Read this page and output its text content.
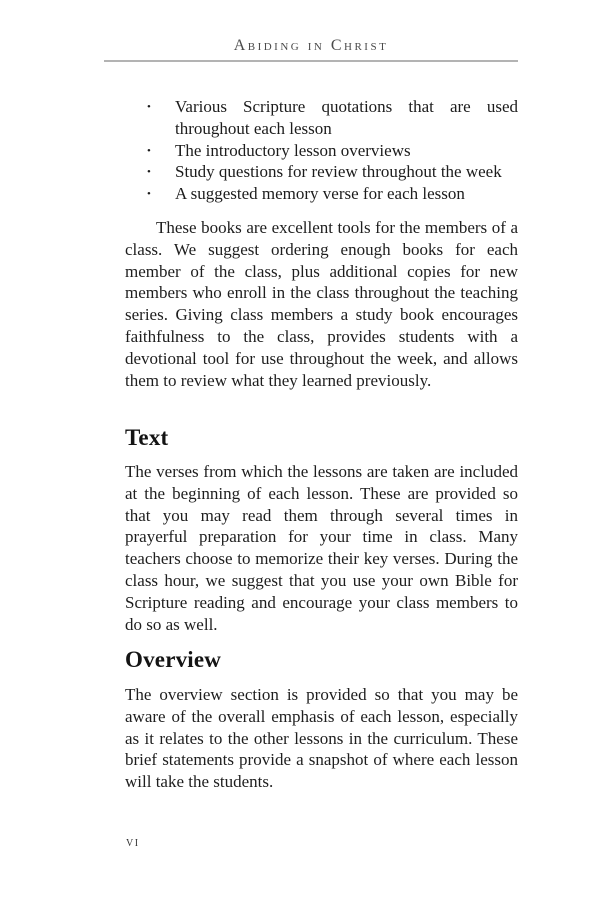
Abiding in Christ
• Various Scripture quotations that are used throughout each lesson
• The introductory lesson overviews
• Study questions for review throughout the week
• A suggested memory verse for each lesson

These books are excellent tools for the members of a class. We suggest ordering enough books for each member of the class, plus additional copies for new members who enroll in the class throughout the teaching series. Giving class members a study book encourages faithfulness to the class, provides students with a devotional tool for use throughout the week, and allows them to review what they learned previously.

Text

The verses from which the lessons are taken are included at the beginning of each lesson. These are provided so that you may read them through several times in prayerful preparation for your time in class. Many teachers choose to memorize their key verses. During the class hour, we suggest that you use your own Bible for Scripture reading and encourage your class members to do so as well.

Overview

The overview section is provided so that you may be aware of the overall emphasis of each lesson, especially as it relates to the other lessons in the curriculum. These brief statements provide a snapshot of where each lesson will take the students.

vi
